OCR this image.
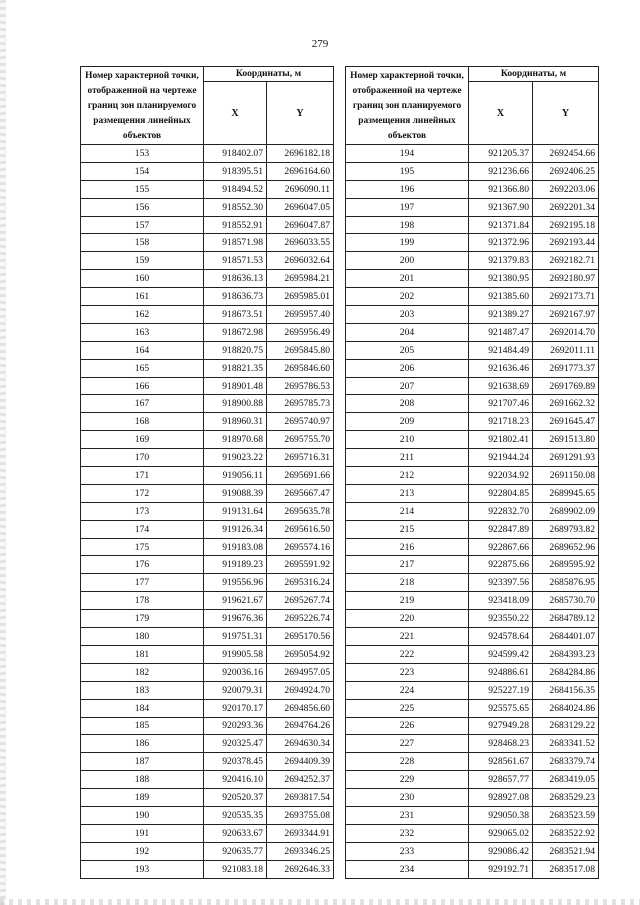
279
Номер характерной точки, отображенной на чертеже границ зон планируемого размещения линейных объектов	Координаты, м	
	X	Y
153	918402.07	2696182.18
154	918395.51	2696164.60
155	918494.52	2696090.11
156	918552.30	2696047.05
157	918552.91	2696047.87
158	918571.98	2696033.55
159	918571.53	2696032.64
160	918636.13	2695984.21
161	918636.73	2695985.01
162	918673.51	2695957.40
163	918672.98	2695956.49
164	918820.75	2695845.80
165	918821.35	2695846.60
166	918901.48	2695786.53
167	918900.88	2695785.73
168	918960.31	2695740.97
169	918970.68	2695755.70
170	919023.22	2695716.31
171	919056.11	2695691.66
172	919088.39	2695667.47
173	919131.64	2695635.78
174	919126.34	2695616.50
175	919183.08	2695574.16
176	919189.23	2695591.92
177	919556.96	2695316.24
178	919621.67	2695267.74
179	919676.36	2695226.74
180	919751.31	2695170.56
181	919905.58	2695054.92
182	920036.16	2694957.05
183	920079.31	2694924.70
184	920170.17	2694856.60
185	920293.36	2694764.26
186	920325.47	2694630.34
187	920378.45	2694409.39
188	920416.10	2694252.37
189	920520.37	2693817.54
190	920535.35	2693755.08
191	920633.67	2693344.91
192	920635.77	2693346.25
193	921083.18	2692646.33
Номер характерной точки, отображенной на чертеже границ зон планируемого размещения линейных объектов	Координаты, м	
	X	Y
194	921205.37	2692454.66
195	921236.66	2692406.25
196	921366.80	2692203.06
197	921367.90	2692201.34
198	921371.84	2692195.18
199	921372.96	2692193.44
200	921379.83	2692182.71
201	921380.95	2692180.97
202	921385.60	2692173.71
203	921389.27	2692167.97
204	921487.47	2692014.70
205	921484.49	2692011.11
206	921636.46	2691773.37
207	921638.69	2691769.89
208	921707.46	2691662.32
209	921718.23	2691645.47
210	921802.41	2691513.80
211	921944.24	2691291.93
212	922034.92	2691150.08
213	922804.85	2689945.65
214	922832.70	2689902.09
215	922847.89	2689793.82
216	922867.66	2689652.96
217	922875.66	2689595.92
218	923397.56	2685876.95
219	923418.09	2685730.70
220	923550.22	2684789.12
221	924578.64	2684401.07
222	924599.42	2684393.23
223	924886.61	2684284.86
224	925227.19	2684156.35
225	925575.65	2684024.86
226	927949.28	2683129.22
227	928468.23	2683341.52
228	928561.67	2683379.74
229	928657.77	2683419.05
230	928927.08	2683529.23
231	929050.38	2683523.59
232	929065.02	2683522.92
233	929086.42	2683521.94
234	929192.71	2683517.08
